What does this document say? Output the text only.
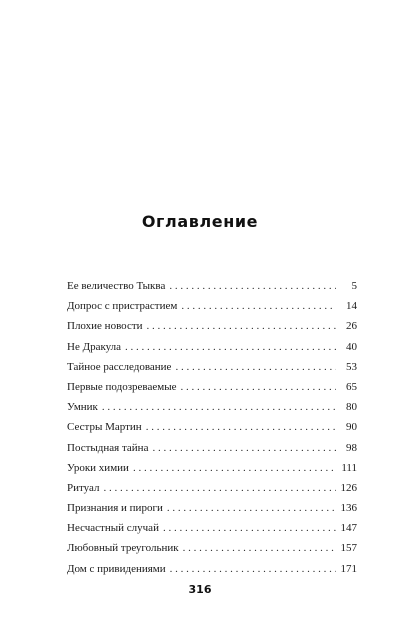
Оглавление
Ее величество Тыква . . .	5
Допрос с пристрастием . . .	14
Плохие новости . . .	26
Не Дракула . . .	40
Тайное расследование . . .	53
Первые подозреваемые . . .	65
Умник . . .	80
Сестры Мартин . . .	90
Постыдная тайна . . .	98
Уроки химии . . .	111
Ритуал . . .	126
Признания и пироги . . .	136
Несчастный случай . . .	147
Любовный треугольник . . .	157
Дом с привидениями . . .	171
316
